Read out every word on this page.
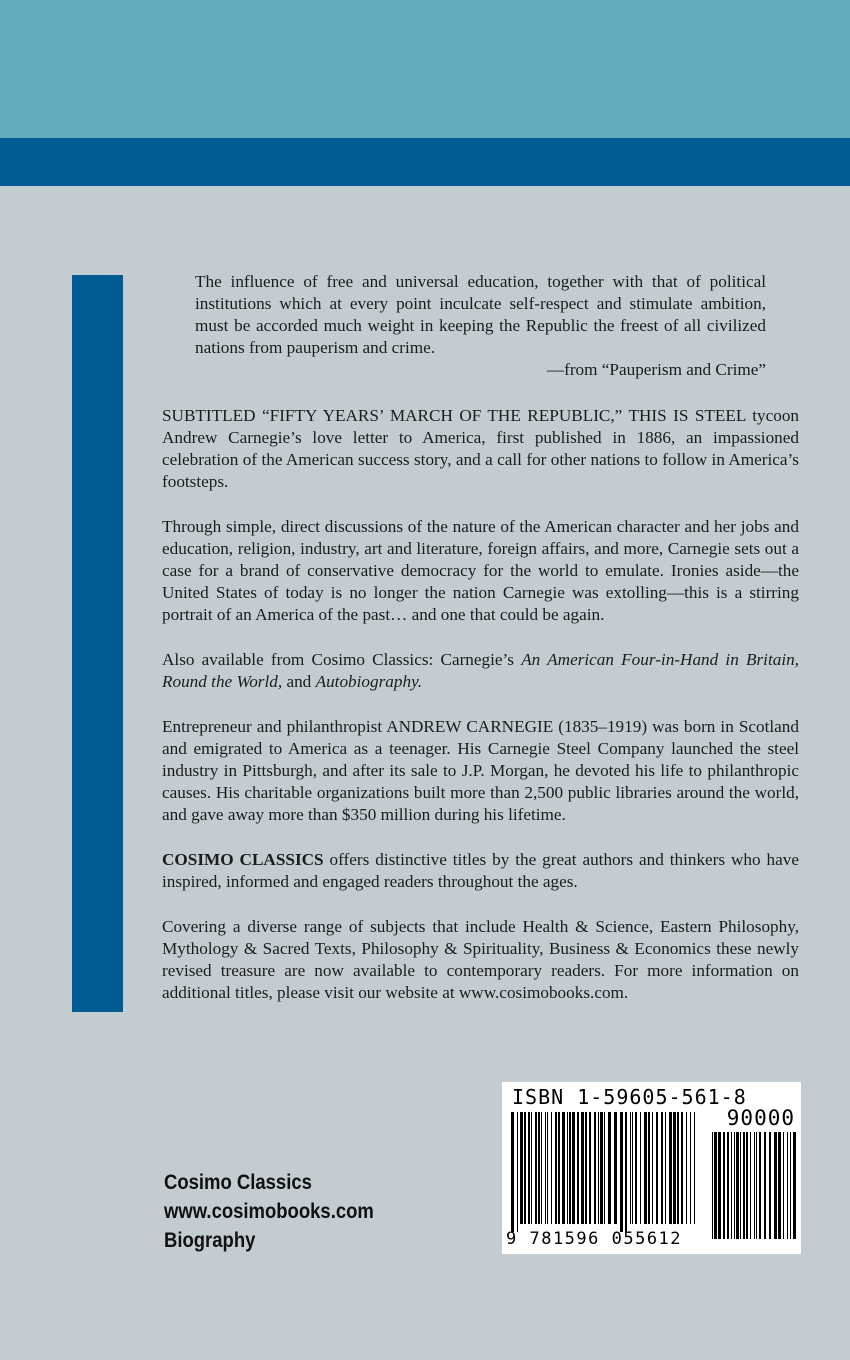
The influence of free and universal education, together with that of political institutions which at every point inculcate self-respect and stimulate ambition, must be accorded much weight in keeping the Republic the freest of all civilized nations from pauperism and crime.

—from “Pauperism and Crime”

SUBTITLED “FIFTY YEARS’ MARCH OF THE REPUBLIC,” THIS IS STEEL tycoon Andrew Carnegie’s love letter to America, first published in 1886, an impassioned celebration of the American success story, and a call for other nations to follow in America’s footsteps.

Through simple, direct discussions of the nature of the American character and her jobs and education, religion, industry, art and literature, foreign affairs, and more, Carnegie sets out a case for a brand of conservative democracy for the world to emulate. Ironies aside—the United States of today is no longer the nation Carnegie was extolling—this is a stirring portrait of an America of the past… and one that could be again.

Also available from Cosimo Classics: Carnegie’s An American Four-in-Hand in Britain, Round the World, and Autobiography.

Entrepreneur and philanthropist ANDREW CARNEGIE (1835–1919) was born in Scotland and emigrated to America as a teenager. His Carnegie Steel Company launched the steel industry in Pittsburgh, and after its sale to J.P. Morgan, he devoted his life to philanthropic causes. His charitable organizations built more than 2,500 public libraries around the world, and gave away more than $350 million during his lifetime.

COSIMO CLASSICS offers distinctive titles by the great authors and thinkers who have inspired, informed and engaged readers throughout the ages.

Covering a diverse range of subjects that include Health & Science, Eastern Philosophy, Mythology & Sacred Texts, Philosophy & Spirituality, Business & Economics these newly revised treasure are now available to contemporary readers. For more information on additional titles, please visit our website at www.cosimobooks.com.

Cosimo Classics
www.cosimobooks.com
Biography
ISBN 1-59605-561-8
90000
9 781596 055612
